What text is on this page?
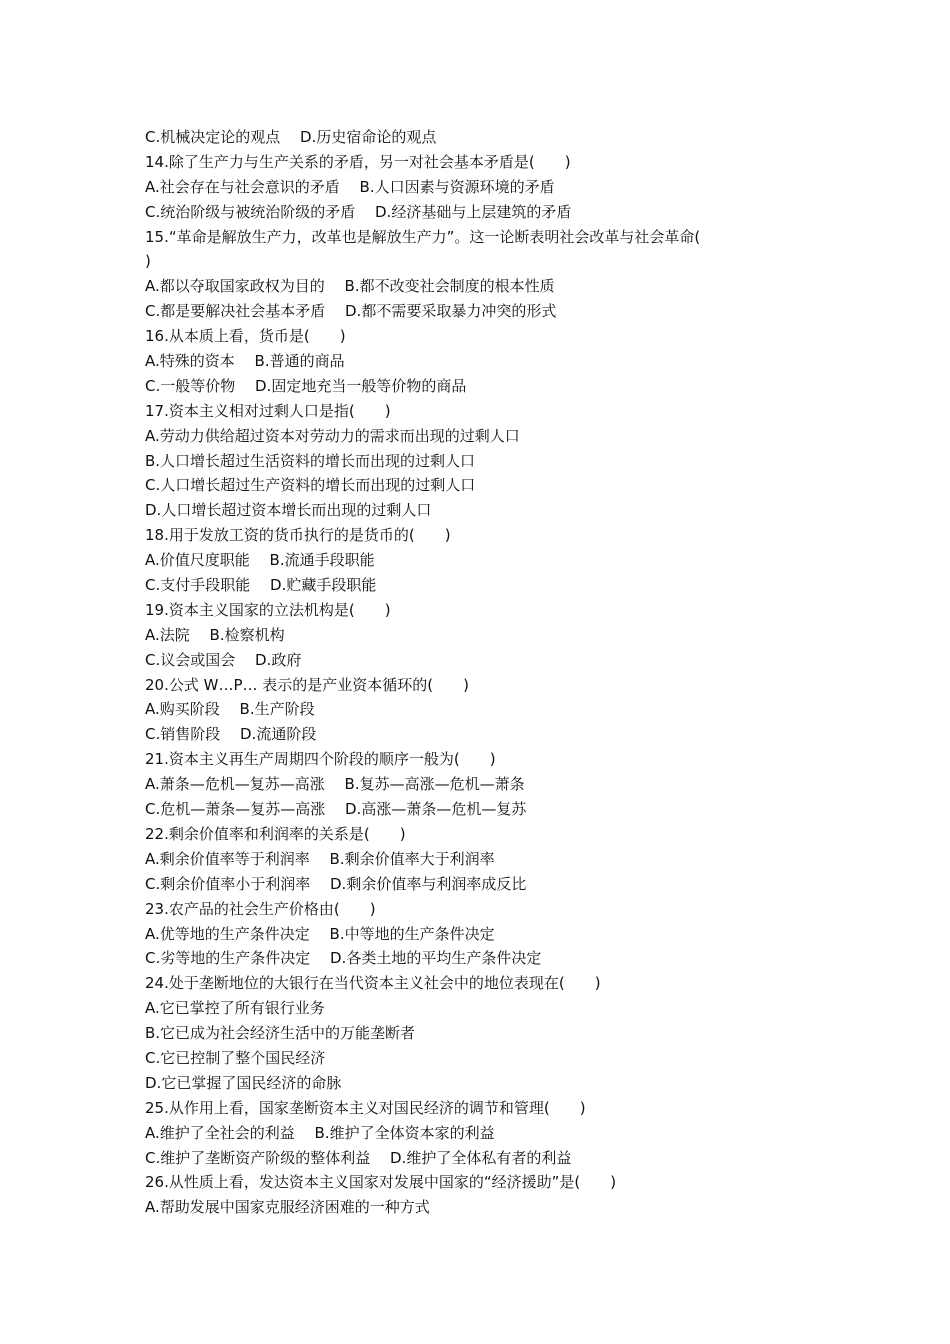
C.机械决定论的观点　 D.历史宿命论的观点
14.除了生产力与生产关系的矛盾，另一对社会基本矛盾是(　　)
A.社会存在与社会意识的矛盾　 B.人口因素与资源环境的矛盾
C.统治阶级与被统治阶级的矛盾　 D.经济基础与上层建筑的矛盾
15.“革命是解放生产力，改革也是解放生产力”。这一论断表明社会改革与社会革命(
)
A.都以夺取国家政权为目的　 B.都不改变社会制度的根本性质
C.都是要解决社会基本矛盾　 D.都不需要采取暴力冲突的形式
16.从本质上看，货币是(　　)
A.特殊的资本　 B.普通的商品
C.一般等价物　 D.固定地充当一般等价物的商品
17.资本主义相对过剩人口是指(　　)
A.劳动力供给超过资本对劳动力的需求而出现的过剩人口
B.人口增长超过生活资料的增长而出现的过剩人口
C.人口增长超过生产资料的增长而出现的过剩人口
D.人口增长超过资本增长而出现的过剩人口
18.用于发放工资的货币执行的是货币的(　　)
A.价值尺度职能　 B.流通手段职能
C.支付手段职能　 D.贮藏手段职能
19.资本主义国家的立法机构是(　　)
A.法院　 B.检察机构
C.议会或国会　 D.政府
20.公式 W…P… 表示的是产业资本循环的(　　)
A.购买阶段　 B.生产阶段
C.销售阶段　 D.流通阶段
21.资本主义再生产周期四个阶段的顺序一般为(　　)
A.萧条—危机—复苏—高涨　 B.复苏—高涨—危机—萧条
C.危机—萧条—复苏—高涨　 D.高涨—萧条—危机—复苏
22.剩余价值率和利润率的关系是(　　)
A.剩余价值率等于利润率　 B.剩余价值率大于利润率
C.剩余价值率小于利润率　 D.剩余价值率与利润率成反比
23.农产品的社会生产价格由(　　)
A.优等地的生产条件决定　 B.中等地的生产条件决定
C.劣等地的生产条件决定　 D.各类土地的平均生产条件决定
24.处于垄断地位的大银行在当代资本主义社会中的地位表现在(　　)
A.它已掌控了所有银行业务
B.它已成为社会经济生活中的万能垄断者
C.它已控制了整个国民经济
D.它已掌握了国民经济的命脉
25.从作用上看，国家垄断资本主义对国民经济的调节和管理(　　)
A.维护了全社会的利益　 B.维护了全体资本家的利益
C.维护了垄断资产阶级的整体利益　 D.维护了全体私有者的利益
26.从性质上看，发达资本主义国家对发展中国家的“经济援助”是(　　)
A.帮助发展中国家克服经济困难的一种方式
